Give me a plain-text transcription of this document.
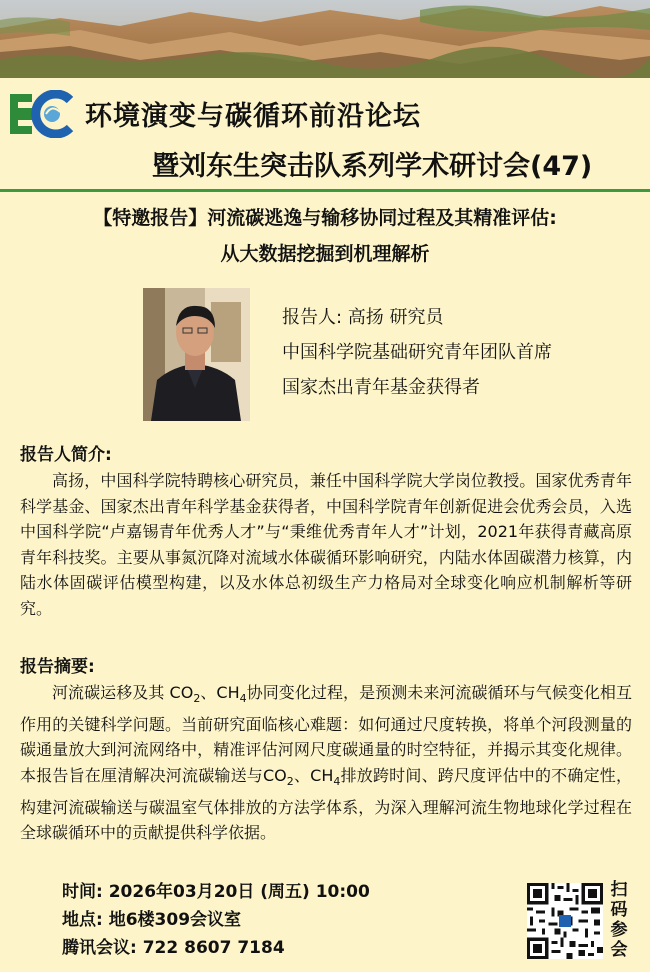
环境演变与碳循环前沿论坛
暨刘东生突击队系列学术研讨会(47)
【特邀报告】河流碳逃逸与输移协同过程及其精准评估:
从大数据挖掘到机理解析
报告人: 高扬 研究员
中国科学院基础研究青年团队首席
国家杰出青年基金获得者
报告人简介:
高扬，中国科学院特聘核心研究员，兼任中国科学院大学岗位教授。国家优秀青年科学基金、国家杰出青年科学基金获得者，中国科学院青年创新促进会优秀会员，入选中国科学院“卢嘉锡青年优秀人才”与“秉维优秀青年人才”计划，2021年获得青藏高原青年科技奖。主要从事氮沉降对流域水体碳循环影响研究，内陆水体固碳潜力核算，内陆水体固碳评估模型构建，以及水体总初级生产力格局对全球变化响应机制解析等研究。
报告摘要:
河流碳运移及其 $CO_2$、$CH_4$协同变化过程，是预测未来河流碳循环与气候变化相互作用的关键科学问题。当前研究面临核心难题：如何通过尺度转换，将单个河段测量的碳通量放大到河流网络中，精准评估河网尺度碳通量的时空特征，并揭示其变化规律。本报告旨在厘清解决河流碳输送与$CO_2$、$CH_4$排放跨时间、跨尺度评估中的不确定性，构建河流碳输送与碳温室气体排放的方法学体系，为深入理解河流生物地球化学过程在全球碳循环中的贡献提供科学依据。
时间: 2026年03月20日 (周五) 10:00
地点: 地6楼309会议室
腾讯会议: 722 8607 7184
扫码参会
